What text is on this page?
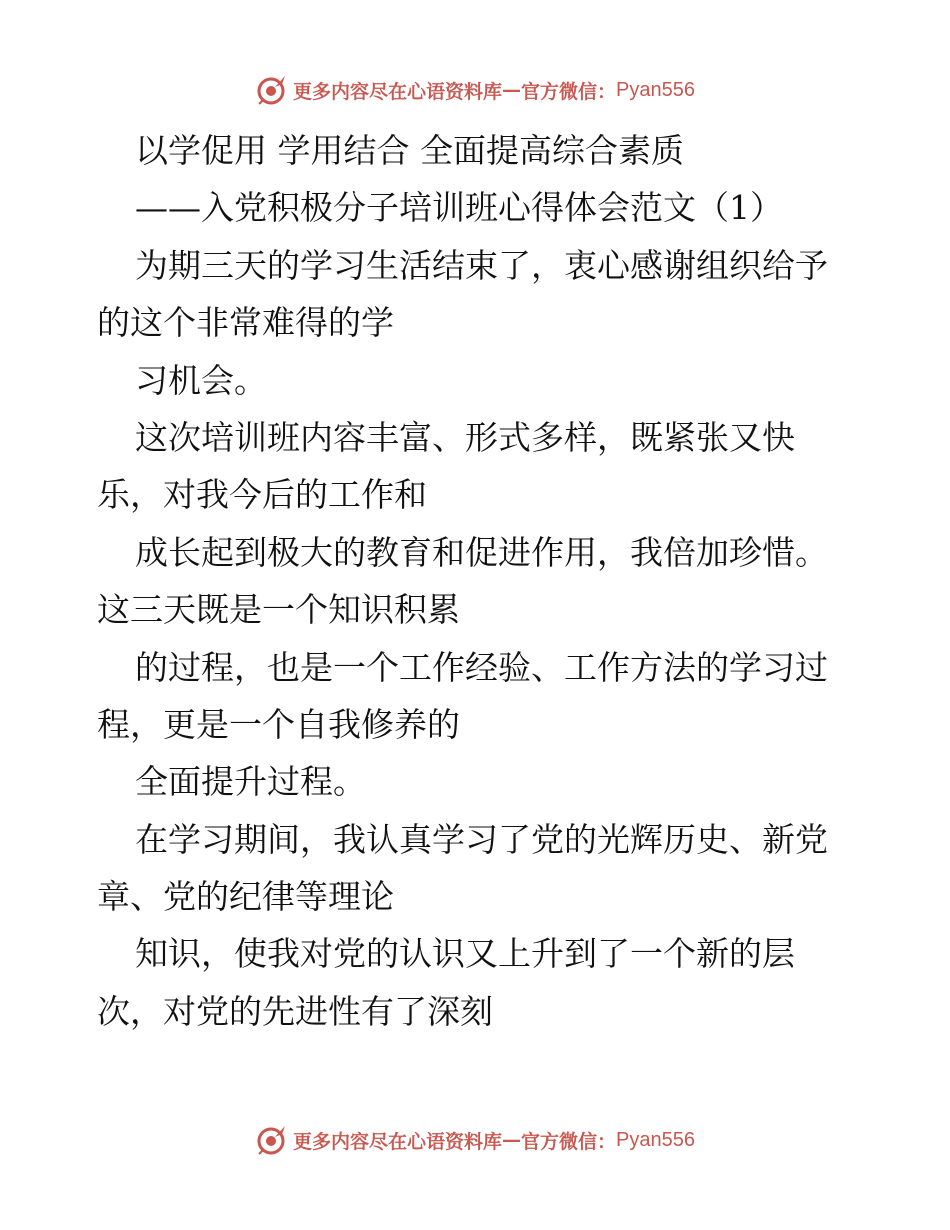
更多内容尽在心语资料库 — 官方微信： Pyan556
以学促用 学用结合 全面提高综合素质
——入党积极分子培训班心得体会范文（1）
为期三天的学习生活结束了，衷心感谢组织给予
的这个非常难得的学
习机会。
这次培训班内容丰富、形式多样，既紧张又快
乐，对我今后的工作和
成长起到极大的教育和促进作用，我倍加珍惜。
这三天既是一个知识积累
的过程，也是一个工作经验、工作方法的学习过
程，更是一个自我修养的
全面提升过程。
在学习期间，我认真学习了党的光辉历史、新党
章、党的纪律等理论
知识，使我对党的认识又上升到了一个新的层
次，对党的先进性有了深刻
更多内容尽在心语资料库 — 官方微信： Pyan556
